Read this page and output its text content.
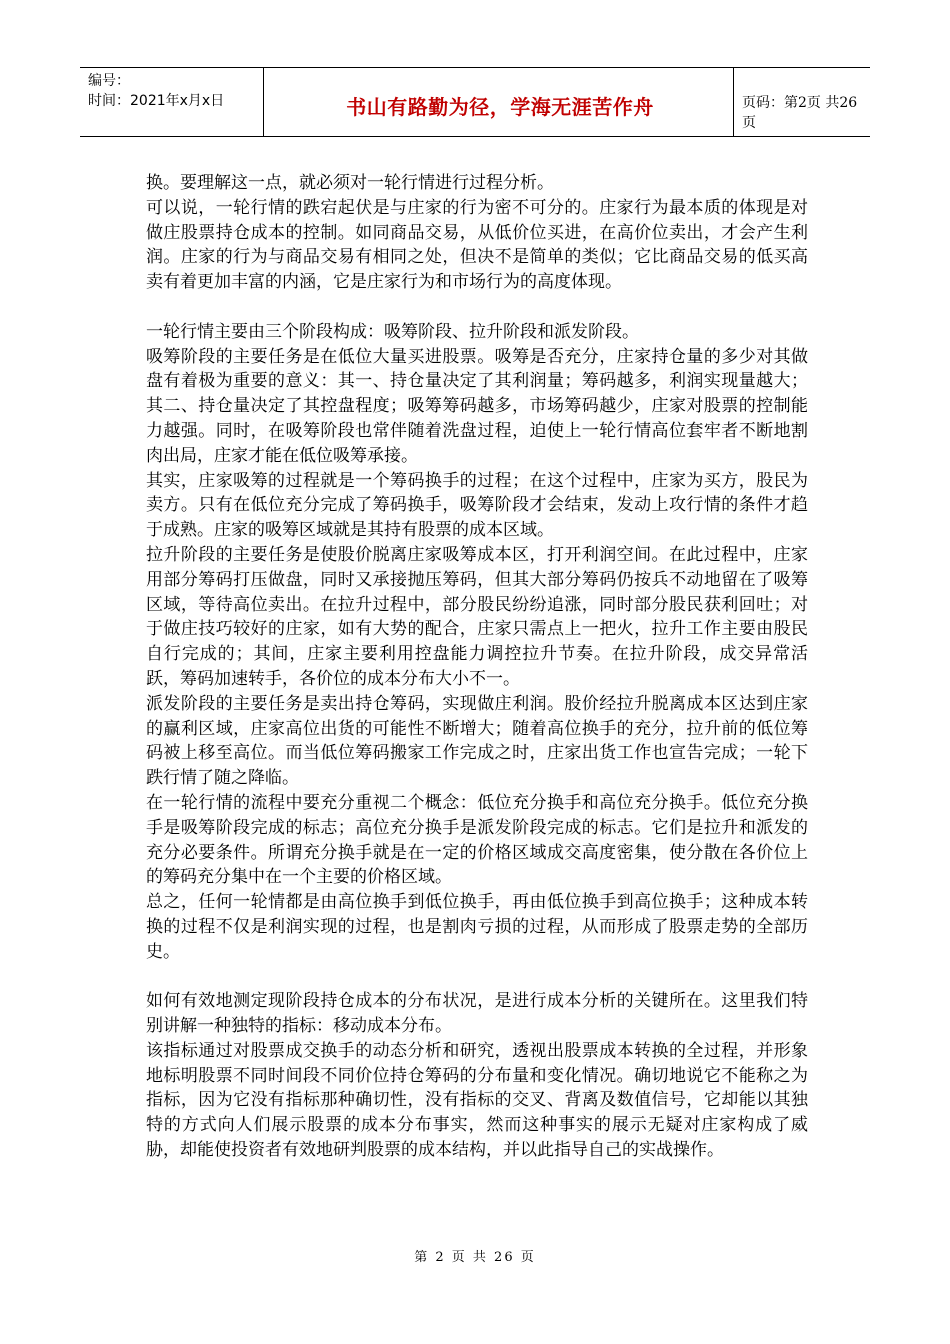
编号：
时间：2021年x月x日	书山有路勤为径，学海无涯苦作舟	页码：第2页 共26页

换。要理解这一点，就必须对一轮行情进行过程分析。

可以说，一轮行情的跌宕起伏是与庄家的行为密不可分的。庄家行为最本质的体现是对做庄股票持仓成本的控制。如同商品交易，从低价位买进，在高价位卖出，才会产生利润。庄家的行为与商品交易有相同之处，但决不是简单的类似；它比商品交易的低买高卖有着更加丰富的内涵，它是庄家行为和市场行为的高度体现。

一轮行情主要由三个阶段构成：吸筹阶段、拉升阶段和派发阶段。

吸筹阶段的主要任务是在低位大量买进股票。吸筹是否充分，庄家持仓量的多少对其做盘有着极为重要的意义：其一、持仓量决定了其利润量；筹码越多，利润实现量越大；其二、持仓量决定了其控盘程度；吸筹筹码越多，市场筹码越少，庄家对股票的控制能力越强。同时，在吸筹阶段也常伴随着洗盘过程，迫使上一轮行情高位套牢者不断地割肉出局，庄家才能在低位吸筹承接。

其实，庄家吸筹的过程就是一个筹码换手的过程；在这个过程中，庄家为买方，股民为卖方。只有在低位充分完成了筹码换手，吸筹阶段才会结束，发动上攻行情的条件才趋于成熟。庄家的吸筹区域就是其持有股票的成本区域。

拉升阶段的主要任务是使股价脱离庄家吸筹成本区，打开利润空间。在此过程中，庄家用部分筹码打压做盘，同时又承接抛压筹码，但其大部分筹码仍按兵不动地留在了吸筹区域，等待高位卖出。在拉升过程中，部分股民纷纷追涨，同时部分股民获利回吐；对于做庄技巧较好的庄家，如有大势的配合，庄家只需点上一把火，拉升工作主要由股民自行完成的；其间，庄家主要利用控盘能力调控拉升节奏。在拉升阶段，成交异常活跃，筹码加速转手，各价位的成本分布大小不一。

派发阶段的主要任务是卖出持仓筹码，实现做庄利润。股价经拉升脱离成本区达到庄家的赢利区域，庄家高位出货的可能性不断增大；随着高位换手的充分，拉升前的低位筹码被上移至高位。而当低位筹码搬家工作完成之时，庄家出货工作也宣告完成；一轮下跌行情了随之降临。

在一轮行情的流程中要充分重视二个概念：低位充分换手和高位充分换手。低位充分换手是吸筹阶段完成的标志；高位充分换手是派发阶段完成的标志。它们是拉升和派发的充分必要条件。所谓充分换手就是在一定的价格区域成交高度密集，使分散在各价位上的筹码充分集中在一个主要的价格区域。

总之，任何一轮情都是由高位换手到低位换手，再由低位换手到高位换手；这种成本转换的过程不仅是利润实现的过程，也是割肉亏损的过程，从而形成了股票走势的全部历史。

如何有效地测定现阶段持仓成本的分布状况，是进行成本分析的关键所在。这里我们特别讲解一种独特的指标：移动成本分布。

该指标通过对股票成交换手的动态分析和研究，透视出股票成本转换的全过程，并形象地标明股票不同时间段不同价位持仓筹码的分布量和变化情况。确切地说它不能称之为指标，因为它没有指标那种确切性，没有指标的交叉、背离及数值信号，它却能以其独特的方式向人们展示股票的成本分布事实，然而这种事实的展示无疑对庄家构成了威胁，却能使投资者有效地研判股票的成本结构，并以此指导自己的实战操作。

第 2 页 共 26 页
